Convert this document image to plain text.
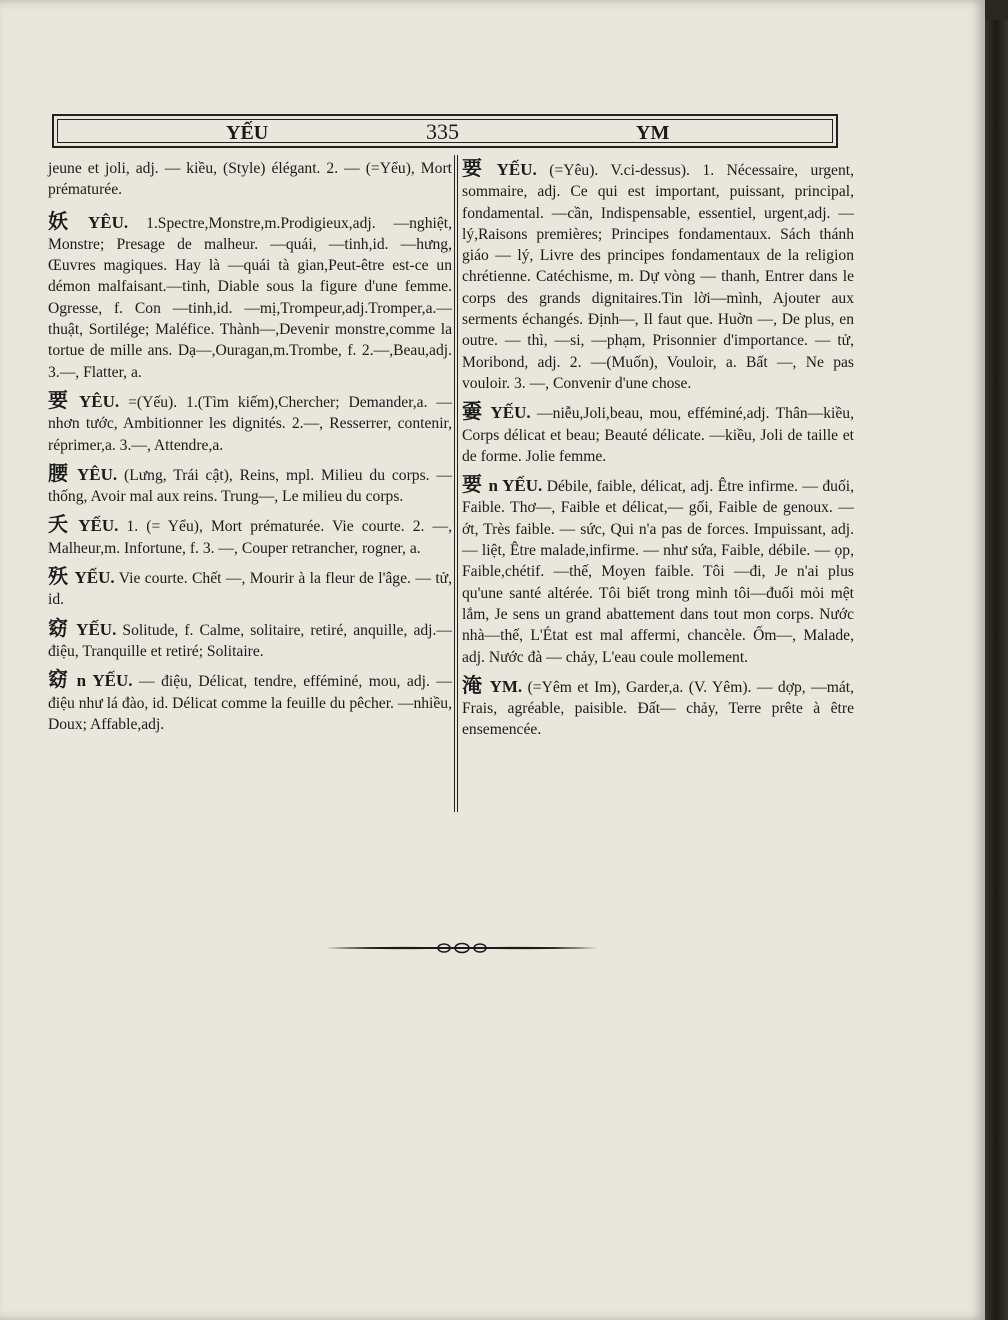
YẾU	335	YM

jeune et joli, adj. — kiều, (Style) élégant. 2. — (=Yểu), Mort prématurée.

妖 YÊU. 1.Spectre,Monstre,m.Prodigieux,adj. —nghiệt, Monstre; Presage de malheur. —quái, —tinh,id. —hưng, Œuvres magiques. Hay là —quái tà gian,Peut-être est-ce un démon malfaisant.—tinh, Diable sous la figure d'une femme. Ogresse, f. Con —tinh,id. —mị,Trompeur,adj.Tromper,a.—thuật, Sortilége; Maléfice. Thành—,Devenir monstre,comme la tortue de mille ans. Dạ—,Ouragan,m.Trombe, f. 2.—,Beau,adj. 3.—, Flatter, a.

要 YÊU. =(Yếu). 1.(Tìm kiếm),Chercher; Demander,a. —nhơn tước, Ambitionner les dignités. 2.—, Resserrer, contenir, réprimer,a. 3.—, Attendre,a.

腰 YÊU. (Lưng, Trái cật), Reins, mpl. Milieu du corps. —thống, Avoir mal aux reins. Trung—, Le milieu du corps.

夭 YẾU. 1. (= Yểu), Mort prématurée. Vie courte. 2. —, Malheur,m. Infortune, f. 3. —, Couper retrancher, rogner, a.

殀 YẾU. Vie courte. Chết —, Mourir à la fleur de l'âge. — tử, id.

窈 YẾU. Solitude, f. Calme, solitaire, retiré, anquille, adj.—điệu, Tranquille et retiré; Solitaire.

窈 n YẾU. — điệu, Délicat, tendre, efféminé, mou, adj. — điệu như lá đào, id. Délicat comme la feuille du pêcher. —nhiều, Doux; Affable,adj.

要 YẾU. (=Yêu). V.ci-dessus). 1. Nécessaire, urgent, sommaire, adj. Ce qui est important, puissant, principal, fondamental. —cần, Indispensable, essentiel, urgent,adj. —lý,Raisons premières; Principes fondamentaux. Sách thánh giáo — lý, Livre des principes fondamentaux de la religion chrétienne. Catéchisme, m. Dự vòng — thanh, Entrer dans le corps des grands dignitaires.Tin lời—mình, Ajouter aux serments échangés. Định—, Il faut que. Huờn —, De plus, en outre. — thì, —si, —phạm, Prisonnier d'importance. — tử, Moribond, adj. 2. —(Muốn), Vouloir, a. Bất —, Ne pas vouloir. 3. —, Convenir d'une chose.

嫑 YẾU. —niễu,Joli,beau, mou, efféminé,adj. Thân—kiều, Corps délicat et beau; Beauté délicate. —kiều, Joli de taille et de forme. Jolie femme.

要 n YẾU. Débile, faible, délicat, adj. Être infirme. — đuối, Faible. Thơ—, Faible et délicat,— gối, Faible de genoux. — ớt, Très faible. — sức, Qui n'a pas de forces. Impuissant, adj. — liệt, Être malade,infirme. — như sứa, Faible, débile. — ọp, Faible,chétif. —thế, Moyen faible. Tôi —đi, Je n'ai plus qu'une santé altérée. Tôi biết trong mình tôi—đuối mỏi mệt lắm, Je sens un grand abattement dans tout mon corps. Nước nhà—thế, L'État est mal affermi, chancèle. Ốm—, Malade, adj. Nước đà — chảy, L'eau coule mollement.

淹 YM. (=Yêm et Im), Garder,a. (V. Yêm). — dợp, —mát, Frais, agréable, paisible. Đất— chảy, Terre prête à être ensemencée.
